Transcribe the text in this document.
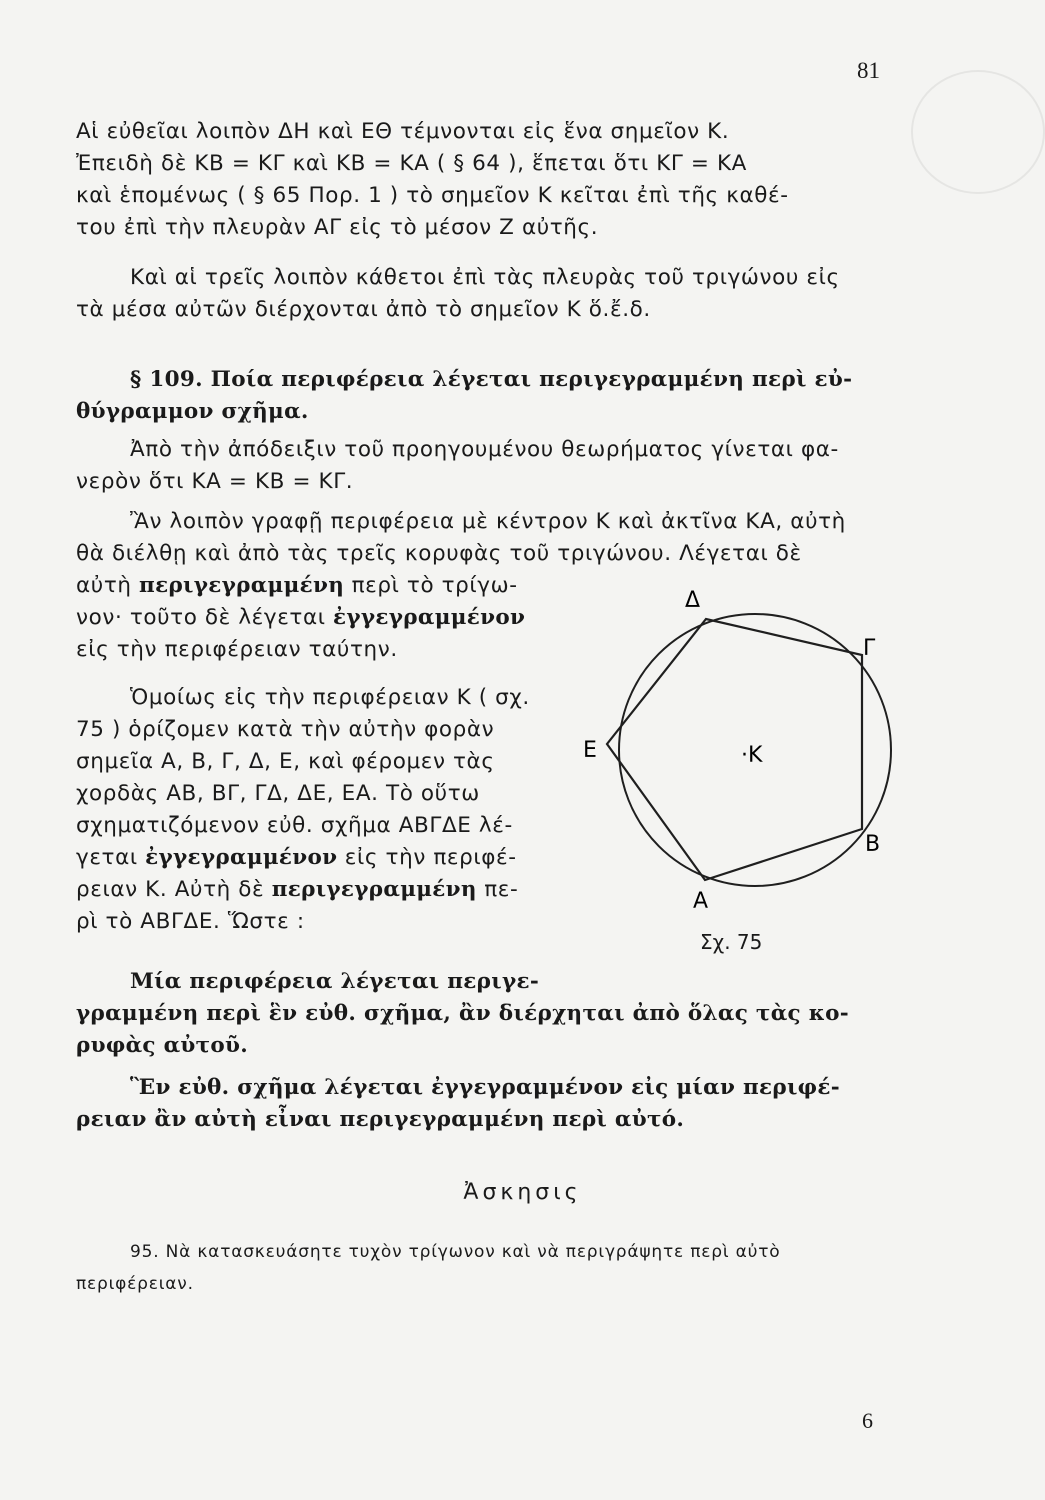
81
Αἱ εὐθεῖαι λοιπὸν ΔΗ καὶ ΕΘ τέμνονται εἰς ἕνα σημεῖον Κ.
Ἐπειδὴ δὲ ΚΒ = ΚΓ καὶ ΚΒ = ΚΑ ( § 64 ), ἕπεται ὅτι ΚΓ = ΚΑ
καὶ ἑπομένως ( § 65 Πορ. 1 ) τὸ σημεῖον Κ κεῖται ἐπὶ τῆς καθέ-
του ἐπὶ τὴν πλευρὰν ΑΓ εἰς τὸ μέσον Ζ αὐτῆς.
Καὶ αἱ τρεῖς λοιπὸν κάθετοι ἐπὶ τὰς πλευρὰς τοῦ τριγώνου εἰς
τὰ μέσα αὐτῶν διέρχονται ἀπὸ τὸ σημεῖον Κ ὅ.ἔ.δ.
§ 109. Ποία περιφέρεια λέγεται περιγεγραμμένη περὶ εὐ-
θύγραμμον σχῆμα.
Ἀπὸ τὴν ἀπόδειξιν τοῦ προηγουμένου θεωρήματος γίνεται φα-
νερὸν ὅτι ΚΑ = ΚΒ = ΚΓ.
Ἂν λοιπὸν γραφῇ περιφέρεια μὲ κέντρον Κ καὶ ἀκτῖνα ΚΑ, αὐτὴ
θὰ διέλθῃ καὶ ἀπὸ τὰς τρεῖς κορυφὰς τοῦ τριγώνου. Λέγεται δὲ
αὐτὴ περιγεγραμμένη περὶ τὸ τρίγω-
νον· τοῦτο δὲ λέγεται ἐγγεγραμμένον
εἰς τὴν περιφέρειαν ταύτην.
Ὁμοίως εἰς τὴν περιφέρειαν Κ ( σχ.
75 ) ὁρίζομεν κατὰ τὴν αὐτὴν φορὰν
σημεῖα Α, Β, Γ, Δ, Ε, καὶ φέρομεν τὰς
χορδὰς ΑΒ, ΒΓ, ΓΔ, ΔΕ, ΕΑ. Τὸ οὕτω
σχηματιζόμενον εὐθ. σχῆμα ΑΒΓΔΕ λέ-
γεται ἐγγεγραμμένον εἰς τὴν περιφέ-
ρειαν Κ. Αὐτὴ δὲ περιγεγραμμένη πε-
ρὶ τὸ ΑΒΓΔΕ. Ὥστε :
Α
Β
Γ
Δ
Ε	·Κ
Σχ. 75
Μία περιφέρεια λέγεται περιγε-
γραμμένη περὶ ἓν εὐθ. σχῆμα, ἂν διέρχηται ἀπὸ ὅλας τὰς κο-
ρυφὰς αὐτοῦ.
Ἓν εὐθ. σχῆμα λέγεται ἐγγεγραμμένον εἰς μίαν περιφέ-
ρειαν ἂν αὐτὴ εἶναι περιγεγραμμένη περὶ αὐτό.
Ἀσκησις
95. Νὰ κατασκευάσητε τυχὸν τρίγωνον καὶ νὰ περιγράψητε περὶ αὐτὸ
περιφέρειαν.
6
